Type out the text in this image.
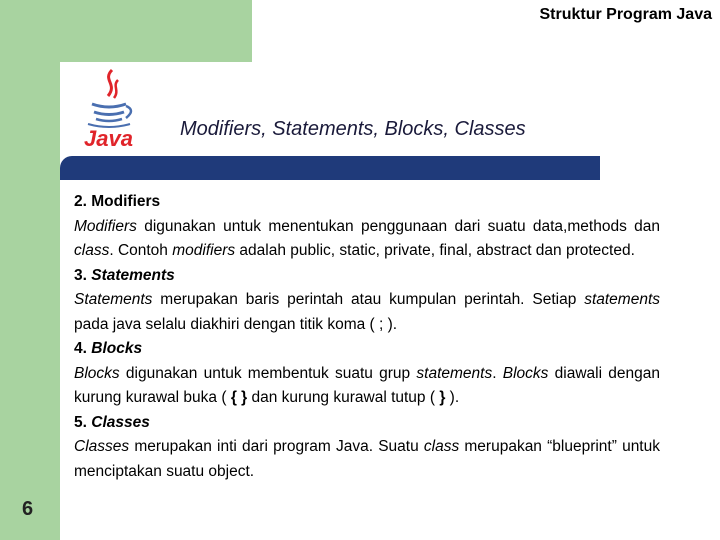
Struktur Program Java
Java Modifiers, Statements, Blocks, Classes

2. Modifiers

Modifiers digunakan untuk menentukan penggunaan dari suatu data,methods dan class. Contoh modifiers adalah public, static, private, final, abstract dan protected.

3. Statements

Statements merupakan baris perintah atau kumpulan perintah. Setiap statements pada java selalu diakhiri dengan titik koma ( ; ).

4. Blocks

Blocks digunakan untuk membentuk suatu grup statements. Blocks diawali dengan kurung kurawal buka ( { } dan kurung kurawal tutup ( } ).

5. Classes

Classes merupakan inti dari program Java. Suatu class merupakan “blueprint” untuk menciptakan suatu object.

6
